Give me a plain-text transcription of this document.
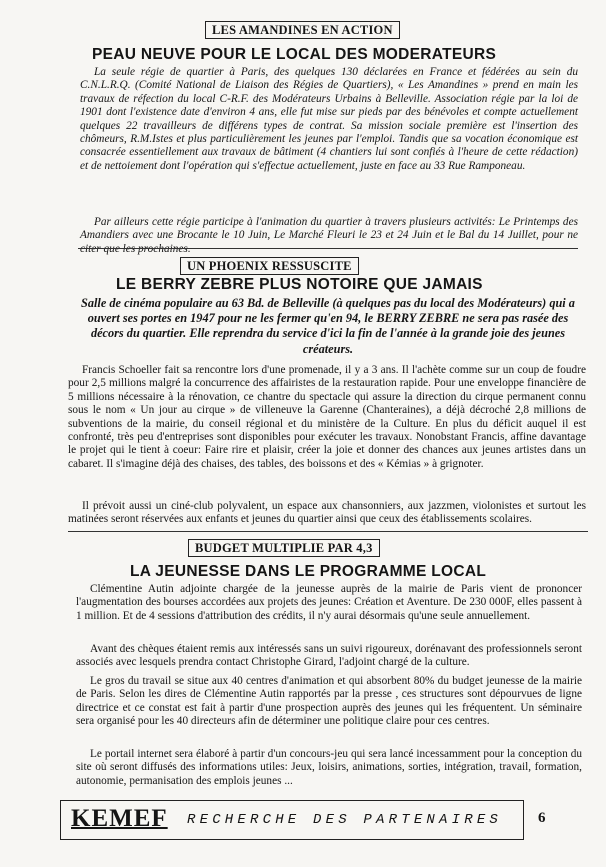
LES AMANDINES EN ACTION
PEAU NEUVE POUR LE LOCAL DES MODERATEURS
La seule régie de quartier à Paris, des quelques 130 déclarées en France et fédérées au sein du C.N.L.R.Q. (Comité National de Liaison des Régies de Quartiers), « Les Amandines » prend en main les travaux de réfection du local C-R.F. des Modérateurs Urbains à Belleville. Association régie par la loi de 1901 dont l'existence date d'environ 4 ans, elle fut mise sur pieds par des bénévoles et compte actuellement quelques 22 travailleurs de différens types de contrat. Sa mission sociale première est l'insertion des chômeurs, R.M.Istes et plus particulièrement les jeunes par l'emploi. Tandis que sa vocation économique est consacrée essentiellement aux travaux de bâtiment (4 chantiers lui sont confiés à l'heure de cette rédaction) et de nettoiement dont l'opération qui s'effectue actuellement, juste en face au 33 Rue Ramponeau.
Par ailleurs cette régie participe à l'animation du quartier à travers plusieurs activités: Le Printemps des Amandiers avec une Brocante le 10 Juin, Le Marché Fleuri le 23 et 24 Juin et le Bal du 14 Juillet, pour ne citer que les prochaines.
UN PHOENIX RESSUSCITE
LE BERRY ZEBRE PLUS NOTOIRE QUE JAMAIS
Salle de cinéma populaire au 63 Bd. de Belleville (à quelques pas du local des Modérateurs) qui a ouvert ses portes en 1947 pour ne les fermer qu'en 94, le BERRY ZEBRE ne sera pas rasée des décors du quartier. Elle reprendra du service d'ici la fin de l'année à la grande joie des jeunes créateurs.
Francis Schoeller fait sa rencontre lors d'une promenade, il y a 3 ans. Il l'achète comme sur un coup de foudre pour 2,5 millions malgré la concurrence des affairistes de la restauration rapide. Pour une enveloppe financière de 5 millions nécessaire à la rénovation, ce chantre du spectacle qui assure la direction du cirque permanent connu sous le nom « Un jour au cirque » de villeneuve la Garenne (Chanteraines), a déjà décroché 2,8 millions de subventions de la mairie, du conseil régional et du ministère de la Culture. En plus du déficit auquel il est confronté, très peu d'entreprises sont disponibles pour exécuter les travaux. Nonobstant Francis, affine davantage le projet qui le tient à coeur: Faire rire et plaisir, créer la joie et donner des chances aux jeunes artistes dans un cabaret. Il s'imagine déjà des chaises, des tables, des boissons et des « Kémias » à grignoter.
Il prévoit aussi un ciné-club polyvalent, un espace aux chansonniers, aux jazzmen, violonistes et surtout les matinées seront réservées aux enfants et jeunes du quartier ainsi que ceux des établissements scolaires.
BUDGET MULTIPLIE PAR 4,3
LA JEUNESSE DANS LE PROGRAMME LOCAL
Clémentine Autin adjointe chargée de la jeunesse auprès de la mairie de Paris vient de prononcer l'augmentation des bourses accordées aux projets des jeunes: Création et Aventure. De 230 000F, elles passent à 1 million. Et de 4 sessions d'attribution des crédits, il n'y aurai désormais qu'une seule annuellement.
Avant des chèques étaient remis aux intéressés sans un suivi rigoureux, dorénavant des professionnels seront associés avec lesquels prendra contact Christophe Girard, l'adjoint chargé de la culture.
Le gros du travail se situe aux 40 centres d'animation et qui absorbent 80% du budget jeunesse de la mairie de Paris. Selon les dires de Clémentine Autin rapportés par la presse , ces structures sont dépourvues de ligne directrice et ce constat est fait à partir d'une prospection auprès des jeunes qui les fréquentent. Un séminaire sera organisé pour les 40 directeurs afin de déterminer une politique claire pour ces centres.
Le portail internet sera élaboré à partir d'un concours-jeu qui sera lancé incessamment pour la conception du site où seront diffusés des informations utiles: Jeux, loisirs, animations, sorties, intégration, travail, formation, autonomie, permanisation des emplois jeunes ...
KEMEF RECHERCHE DES PARTENAIRES 6
